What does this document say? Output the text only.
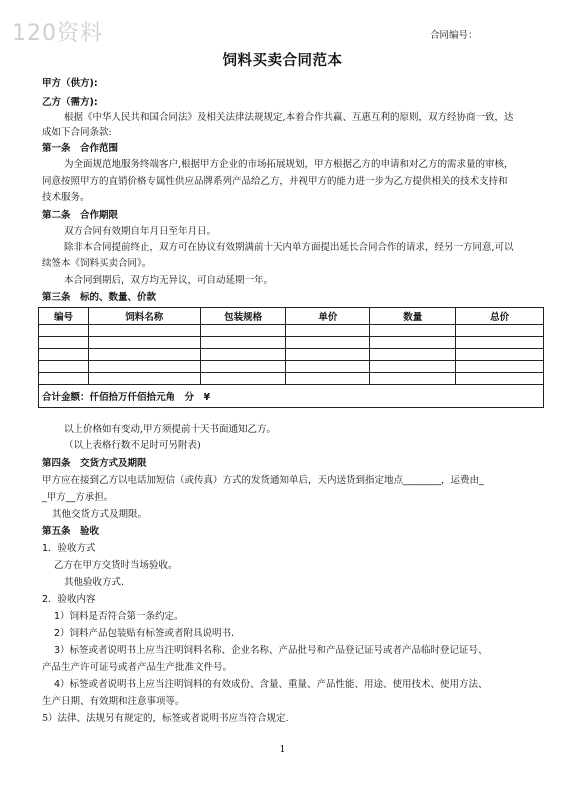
120资料	合同编号：
饲料买卖合同范本
甲方（供方):
乙方（需方):
根据《中华人民共和国合同法》及相关法律法规规定,本着合作共赢、互惠互利的原则，双方经协商一致，达
成如下合同条款:
第一条　合作范围
为全面规范地服务终端客户,根据甲方企业的市场拓展规划，甲方根据乙方的申请和对乙方的需求量的审核，
同意按照甲方的直销价格专属性供应品牌系列产品给乙方，并视甲方的能力进一步为乙方提供相关的技术支持和
技术服务。
第二条　合作期限
双方合同有效期自年月日至年月日。
除非本合同提前终止，双方可在协议有效期满前十天内单方面提出延长合同合作的请求，经另一方同意,可以
续签本《饲料买卖合同》。
本合同到期后，双方均无异议，可自动延期一年。
第三条　标的、数量、价款
编号	饲料名称	包装规格	单价	数量	总价

合计金额：仟佰拾万仟佰拾元角　分　¥					
以上价格如有变动,甲方须提前十天书面通知乙方。
（以上表格行数不足时可另附表)
第四条　交货方式及期限
甲方应在接到乙方以电话加短信（或传真）方式的发货通知单后，天内送货到指定地点________，运费由_
_甲方__方承担。
其他交货方式及期限。
第五条　验收
1．验收方式
乙方在甲方交货时当场验收。
其他验收方式.
2．验收内容
1）饲料是否符合第一条约定。
2）饲料产品包装贴有标签或者附具说明书.
3）标签或者说明书上应当注明饲料名称、企业名称、产品批号和产品登记证号或者产品临时登记证号、
产品生产许可证号或者产品生产批准文件号。
4）标签或者说明书上应当注明饲料的有效成份、含量、重量、产品性能、用途、使用技术、使用方法、
生产日期、有效期和注意事项等。
5）法律、法规另有规定的，标签或者说明书应当符合规定.
1
